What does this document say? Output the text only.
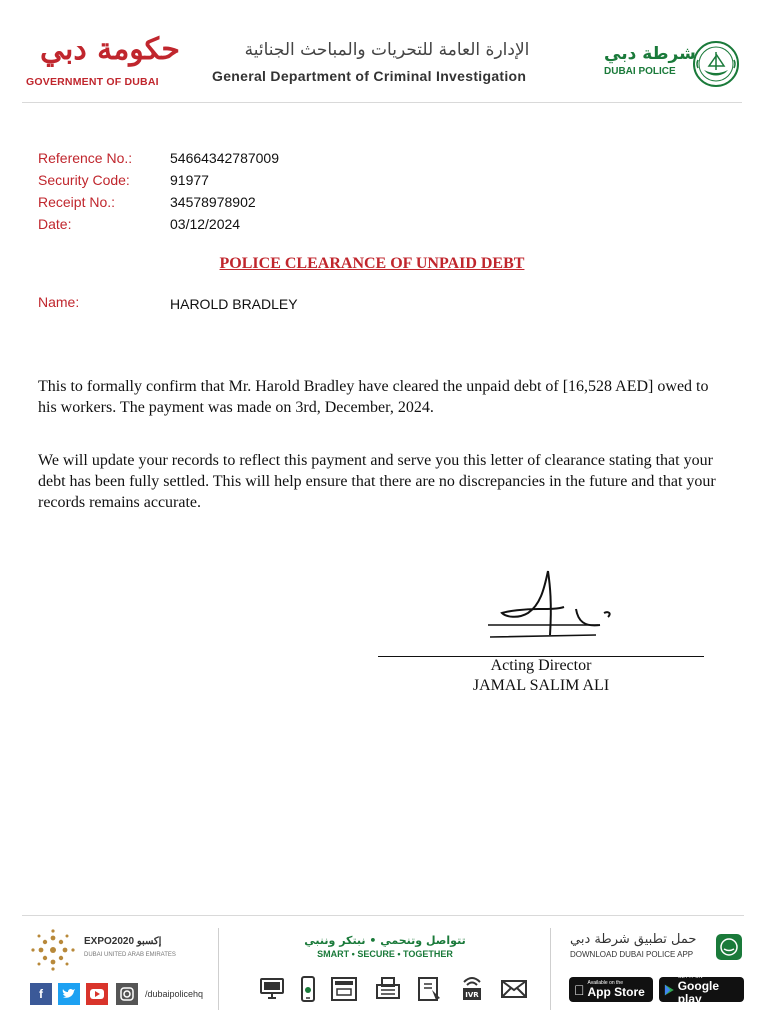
حكومة دبي
GOVERNMENT OF DUBAI
الإدارة العامة للتحريات والمباحث الجنائية
General Department of Criminal Investigation
شرطة دبي
DUBAI POLICE
Reference No.:	54664342787009
Security Code:	91977
Receipt No.:	34578978902
Date:	03/12/2024
POLICE CLEARANCE OF UNPAID DEBT
Name:	HAROLD BRADLEY
This to formally confirm that Mr. Harold Bradley have cleared the unpaid debt of [16,528 AED] owed to his workers. The payment was made on 3rd, December, 2024.
We will update your records to reflect this payment and serve you this letter of clearance stating that your debt has been fully settled. This will help ensure that there are no discrepancies in the future and that your records remains accurate.
Acting Director
JAMAL SALIM ALI
EXPO2020 إكسبو
DUBAI UNITED ARAB EMIRATES
f	/dubaipolicehq
تتواصل وتنحمي • نبتكر وننبي
SMART • SECURE • TOGETHER
IVR
حمل تطبيق شرطة دبي
DOWNLOAD DUBAI POLICE APP
Available on the
App Store
GET IT ON
Google play
